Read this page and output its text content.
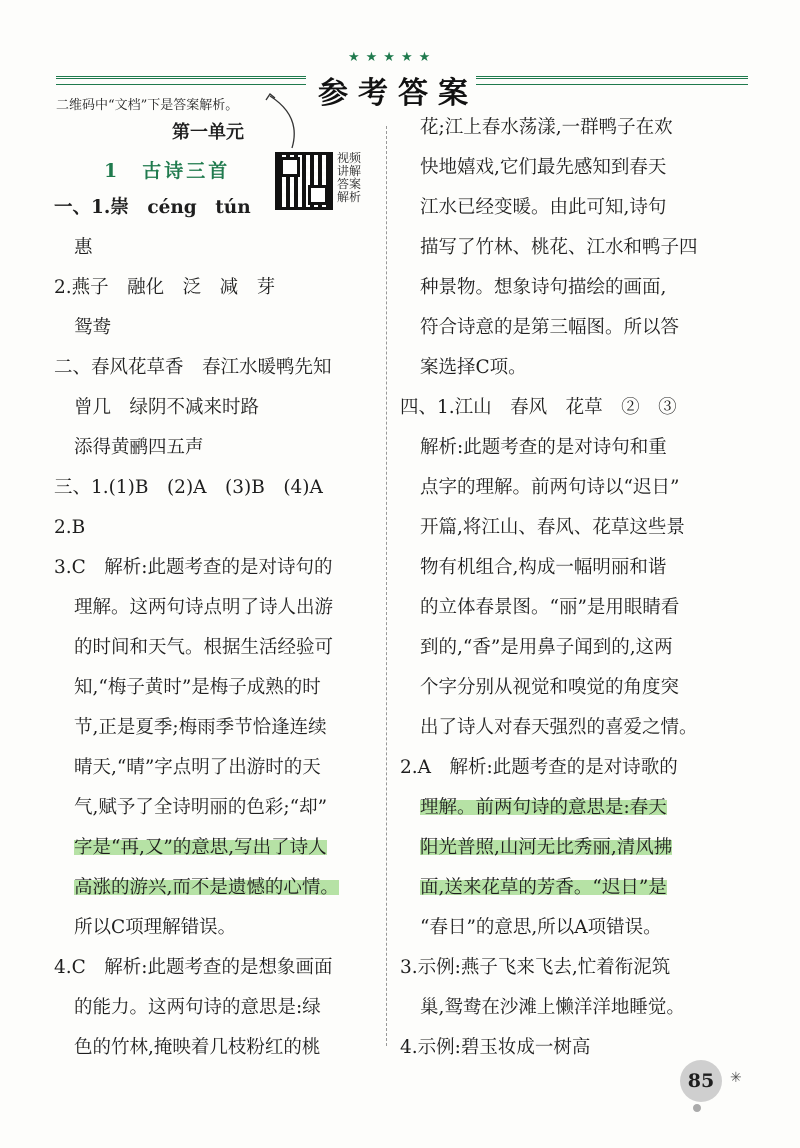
★★★★★
参考答案
二维码中“文档”下是答案解析。
第一单元
1　古诗三首
视频讲解 答案解析
一、1.崇　céng　tún
惠
2.燕子　融化　泛　减　芽
鸳鸯
二、春风花草香　春江水暖鸭先知
曾几　绿阴不减来时路
添得黄鹂四五声
三、1.(1)B　(2)A　(3)B　(4)A
2.B
3.C　解析:此题考查的是对诗句的
理解。这两句诗点明了诗人出游
的时间和天气。根据生活经验可
知,“梅子黄时”是梅子成熟的时
节,正是夏季;梅雨季节恰逢连续
晴天,“晴”字点明了出游时的天
气,赋予了全诗明丽的色彩;“却”
字是“再,又”的意思,写出了诗人
高涨的游兴,而不是遗憾的心情。
所以C项理解错误。
4.C　解析:此题考查的是想象画面
的能力。这两句诗的意思是:绿
色的竹林,掩映着几枝粉红的桃
花;江上春水荡漾,一群鸭子在欢
快地嬉戏,它们最先感知到春天
江水已经变暖。由此可知,诗句
描写了竹林、桃花、江水和鸭子四
种景物。想象诗句描绘的画面,
符合诗意的是第三幅图。所以答
案选择C项。
四、1.江山　春风　花草　②　③
解析:此题考查的是对诗句和重
点字的理解。前两句诗以“迟日”
开篇,将江山、春风、花草这些景
物有机组合,构成一幅明丽和谐
的立体春景图。“丽”是用眼睛看
到的,“香”是用鼻子闻到的,这两
个字分别从视觉和嗅觉的角度突
出了诗人对春天强烈的喜爱之情。
2.A　解析:此题考查的是对诗歌的
理解。前两句诗的意思是:春天
阳光普照,山河无比秀丽,清风拂
面,送来花草的芳香。“迟日”是
“春日”的意思,所以A项错误。
3.示例:燕子飞来飞去,忙着衔泥筑
巢,鸳鸯在沙滩上懒洋洋地睡觉。
4.示例:碧玉妆成一树高
85	✳
